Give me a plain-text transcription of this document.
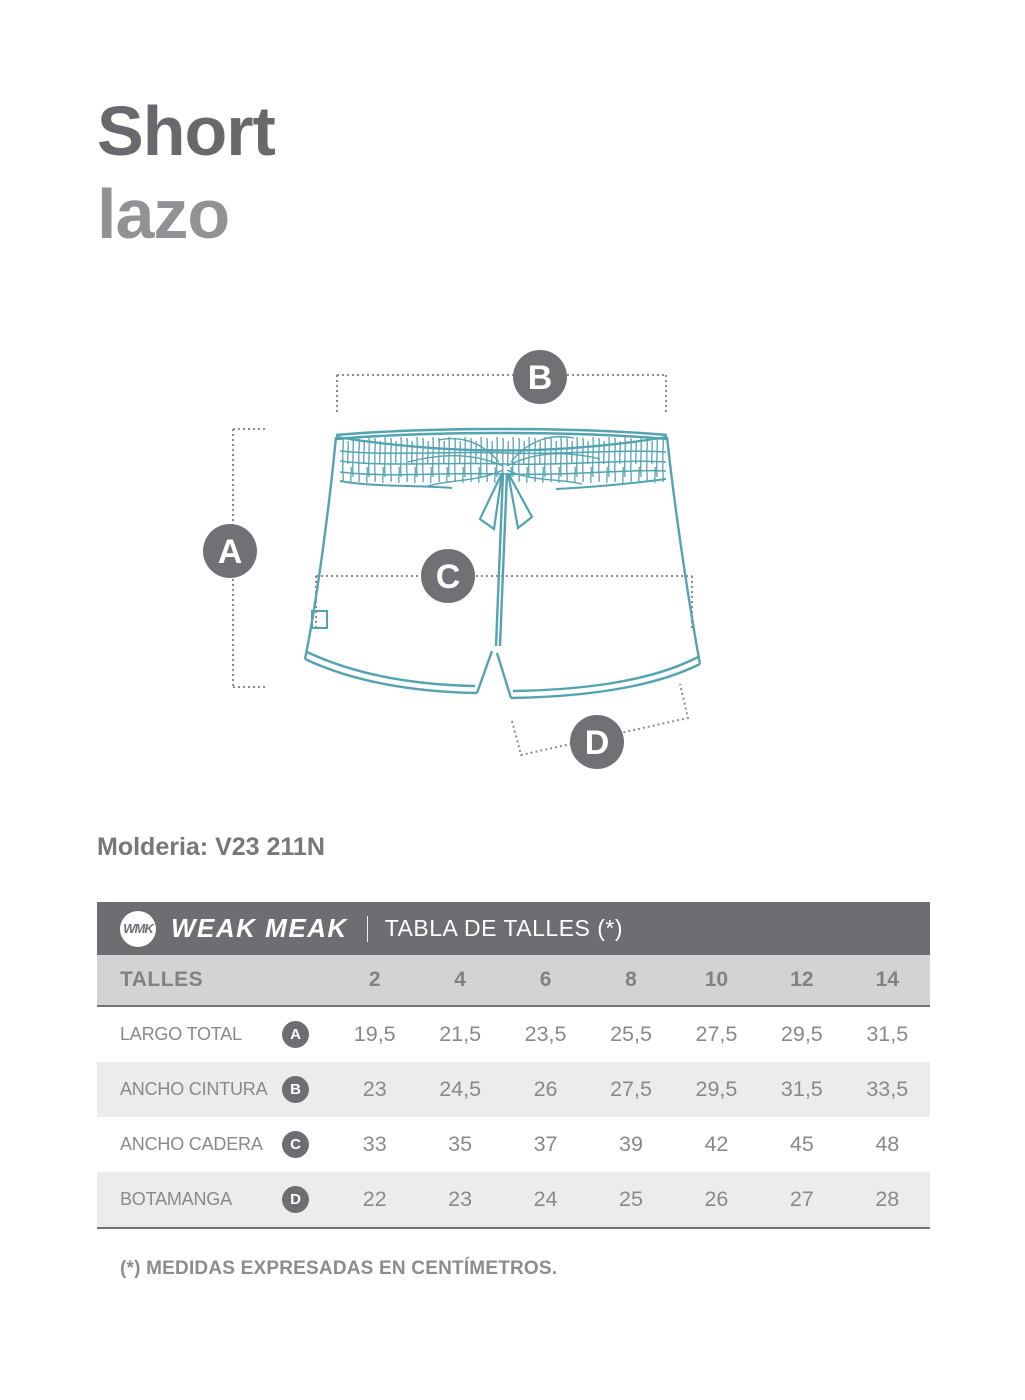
Short
lazo
A
B
C
D
Molderia: V23 211N
WMK WEAK MEAK TABLA DE TALLES (*)
TALLES	2	4	6	8	10	12	14
LARGO TOTAL	A	19,5	21,5	23,5	25,5	27,5	29,5	31,5
ANCHO CINTURA	B	23	24,5	26	27,5	29,5	31,5	33,5
ANCHO CADERA	C	33	35	37	39	42	45	48
BOTAMANGA	D	22	23	24	25	26	27	28
(*) MEDIDAS EXPRESADAS EN CENTÍMETROS.
